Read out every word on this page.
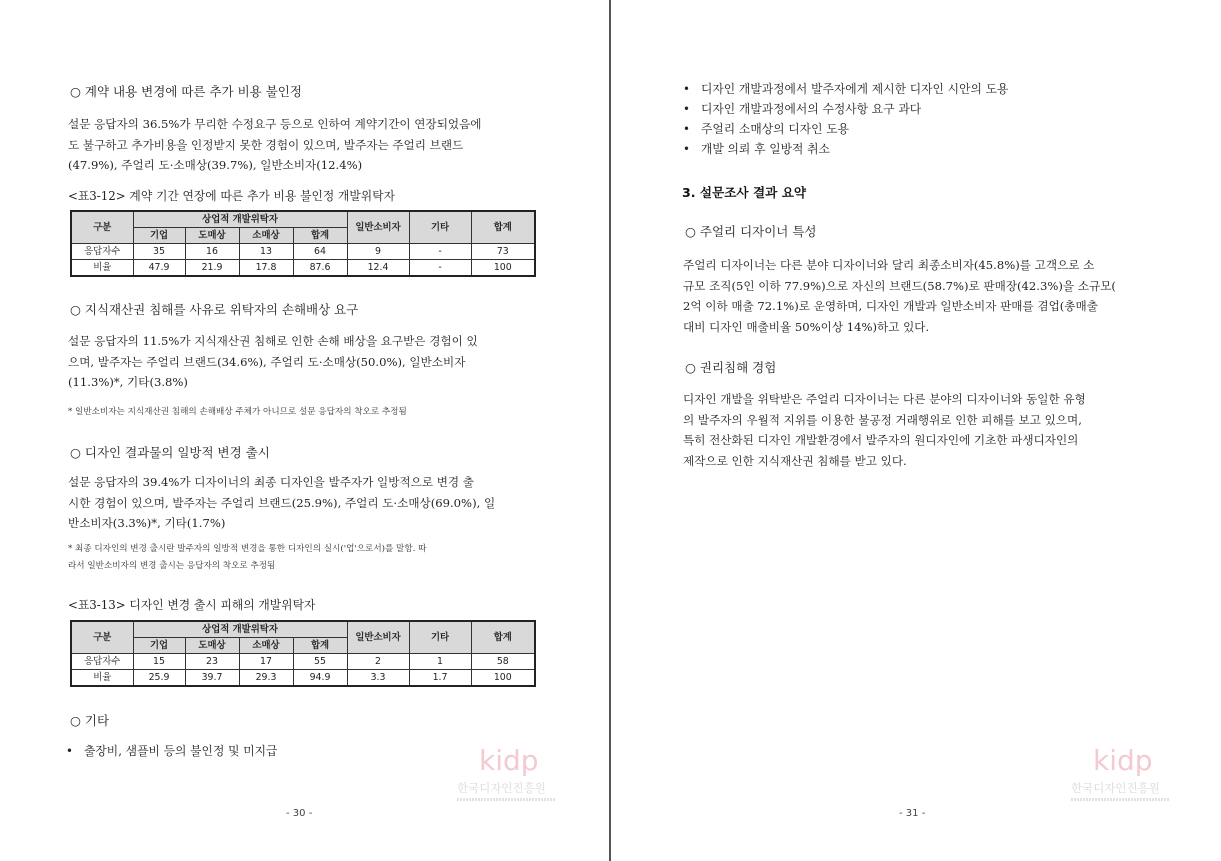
○ 계약 내용 변경에 따른 추가 비용 불인정
설문 응답자의 36.5%가 무리한 수정요구 등으로 인하여 계약기간이 연장되었음에
도 불구하고 추가비용을 인정받지 못한 경험이 있으며, 발주자는 주얼리 브랜드
(47.9%), 주얼리 도·소매상(39.7%), 일반소비자(12.4%)
<표3-12> 계약 기간 연장에 따른 추가 비용 불인정 개발위탁자
구분	상업적 개발위탁자				일반소비자	기타	합계
	기업	도매상	소매상	합계			
응답자수	35	16	13	64	9	-	73
비율	47.9	21.9	17.8	87.6	12.4	-	100
○ 지식재산권 침해를 사유로 위탁자의 손해배상 요구
설문 응답자의 11.5%가 지식재산권 침해로 인한 손해 배상을 요구받은 경험이 있
으며, 발주자는 주얼리 브랜드(34.6%), 주얼리 도·소매상(50.0%), 일반소비자
(11.3%)*, 기타(3.8%)
* 일반소비자는 지식재산권 침해의 손해배상 주체가 아니므로 설문 응답자의 착오로 추정됨
○ 디자인 결과물의 일방적 변경 출시
설문 응답자의 39.4%가 디자이너의 최종 디자인을 발주자가 일방적으로 변경 출
시한 경험이 있으며, 발주자는 주얼리 브랜드(25.9%), 주얼리 도·소매상(69.0%), 일
반소비자(3.3%)*, 기타(1.7%)
* 최종 디자인의 변경 출시란 발주자의 일방적 변경을 통한 디자인의 실시('업'으로서)를 말함. 따
라서 일반소비자의 변경 출시는 응답자의 착오로 추정됨
<표3-13> 디자인 변경 출시 피해의 개발위탁자
구분	상업적 개발위탁자				일반소비자	기타	합계
	기업	도매상	소매상	합계			
응답자수	15	23	17	55	2	1	58
비율	25.9	39.7	29.3	94.9	3.3	1.7	100
○ 기타
• 출장비, 샘플비 등의 불인정 및 미지급	kidp
한국디자인진흥원
- 30 -
• 디자인 개발과정에서 발주자에게 제시한 디자인 시안의 도용
• 디자인 개발과정에서의 수정사항 요구 과다
• 주얼리 소매상의 디자인 도용
• 개발 의뢰 후 일방적 취소
3. 설문조사 결과 요약
○ 주얼리 디자이너 특성
주얼리 디자이너는 다른 분야 디자이너와 달리 최종소비자(45.8%)를 고객으로 소
규모 조직(5인 이하 77.9%)으로 자신의 브랜드(58.7%)로 판매장(42.3%)을 소규모(
2억 이하 매출 72.1%)로 운영하며, 디자인 개발과 일반소비자 판매를 겸업(총매출
대비 디자인 매출비율 50%이상 14%)하고 있다.
○ 권리침해 경험
디자인 개발을 위탁받은 주얼리 디자이너는 다른 분야의 디자이너와 동일한 유형
의 발주자의 우월적 지위를 이용한 불공정 거래행위로 인한 피해를 보고 있으며,
특히 전산화된 디자인 개발환경에서 발주자의 원디자인에 기초한 파생디자인의
제작으로 인한 지식재산권 침해를 받고 있다.
kidp
한국디자인진흥원
- 31 -
